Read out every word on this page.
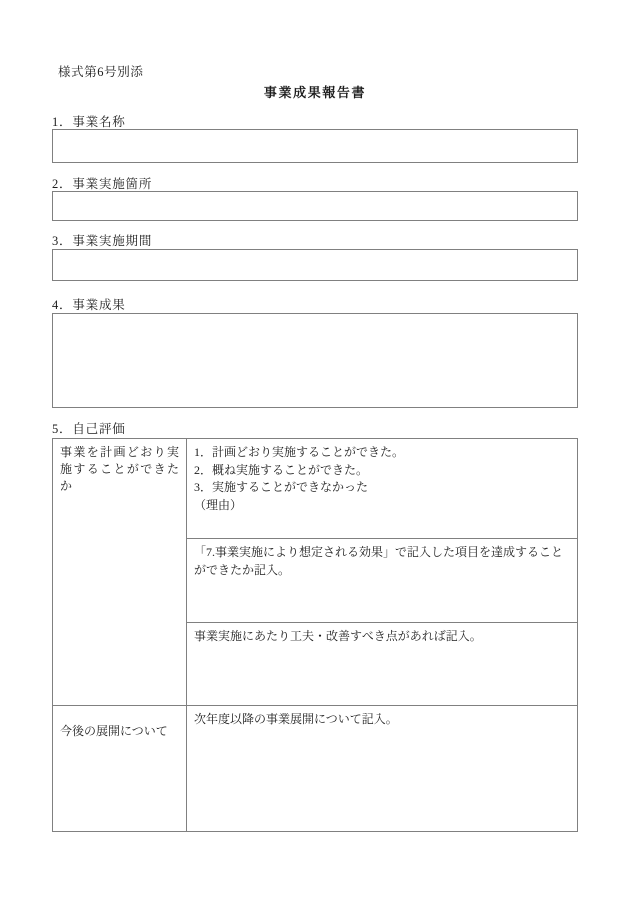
様式第6号別添
事業成果報告書
1．事業名称
2．事業実施箇所
3．事業実施期間
4．事業成果
5．自己評価

事業を計画どおり実施することができたか

1．計画どおり実施することができた。

2．概ね実施することができた。

3．実施することができなかった

（理由）

「7.事業実施により想定される効果」で記入した項目を達成することができたか記入。

事業実施にあたり工夫・改善すべき点があれば記入。

今後の展開について

次年度以降の事業展開について記入。
